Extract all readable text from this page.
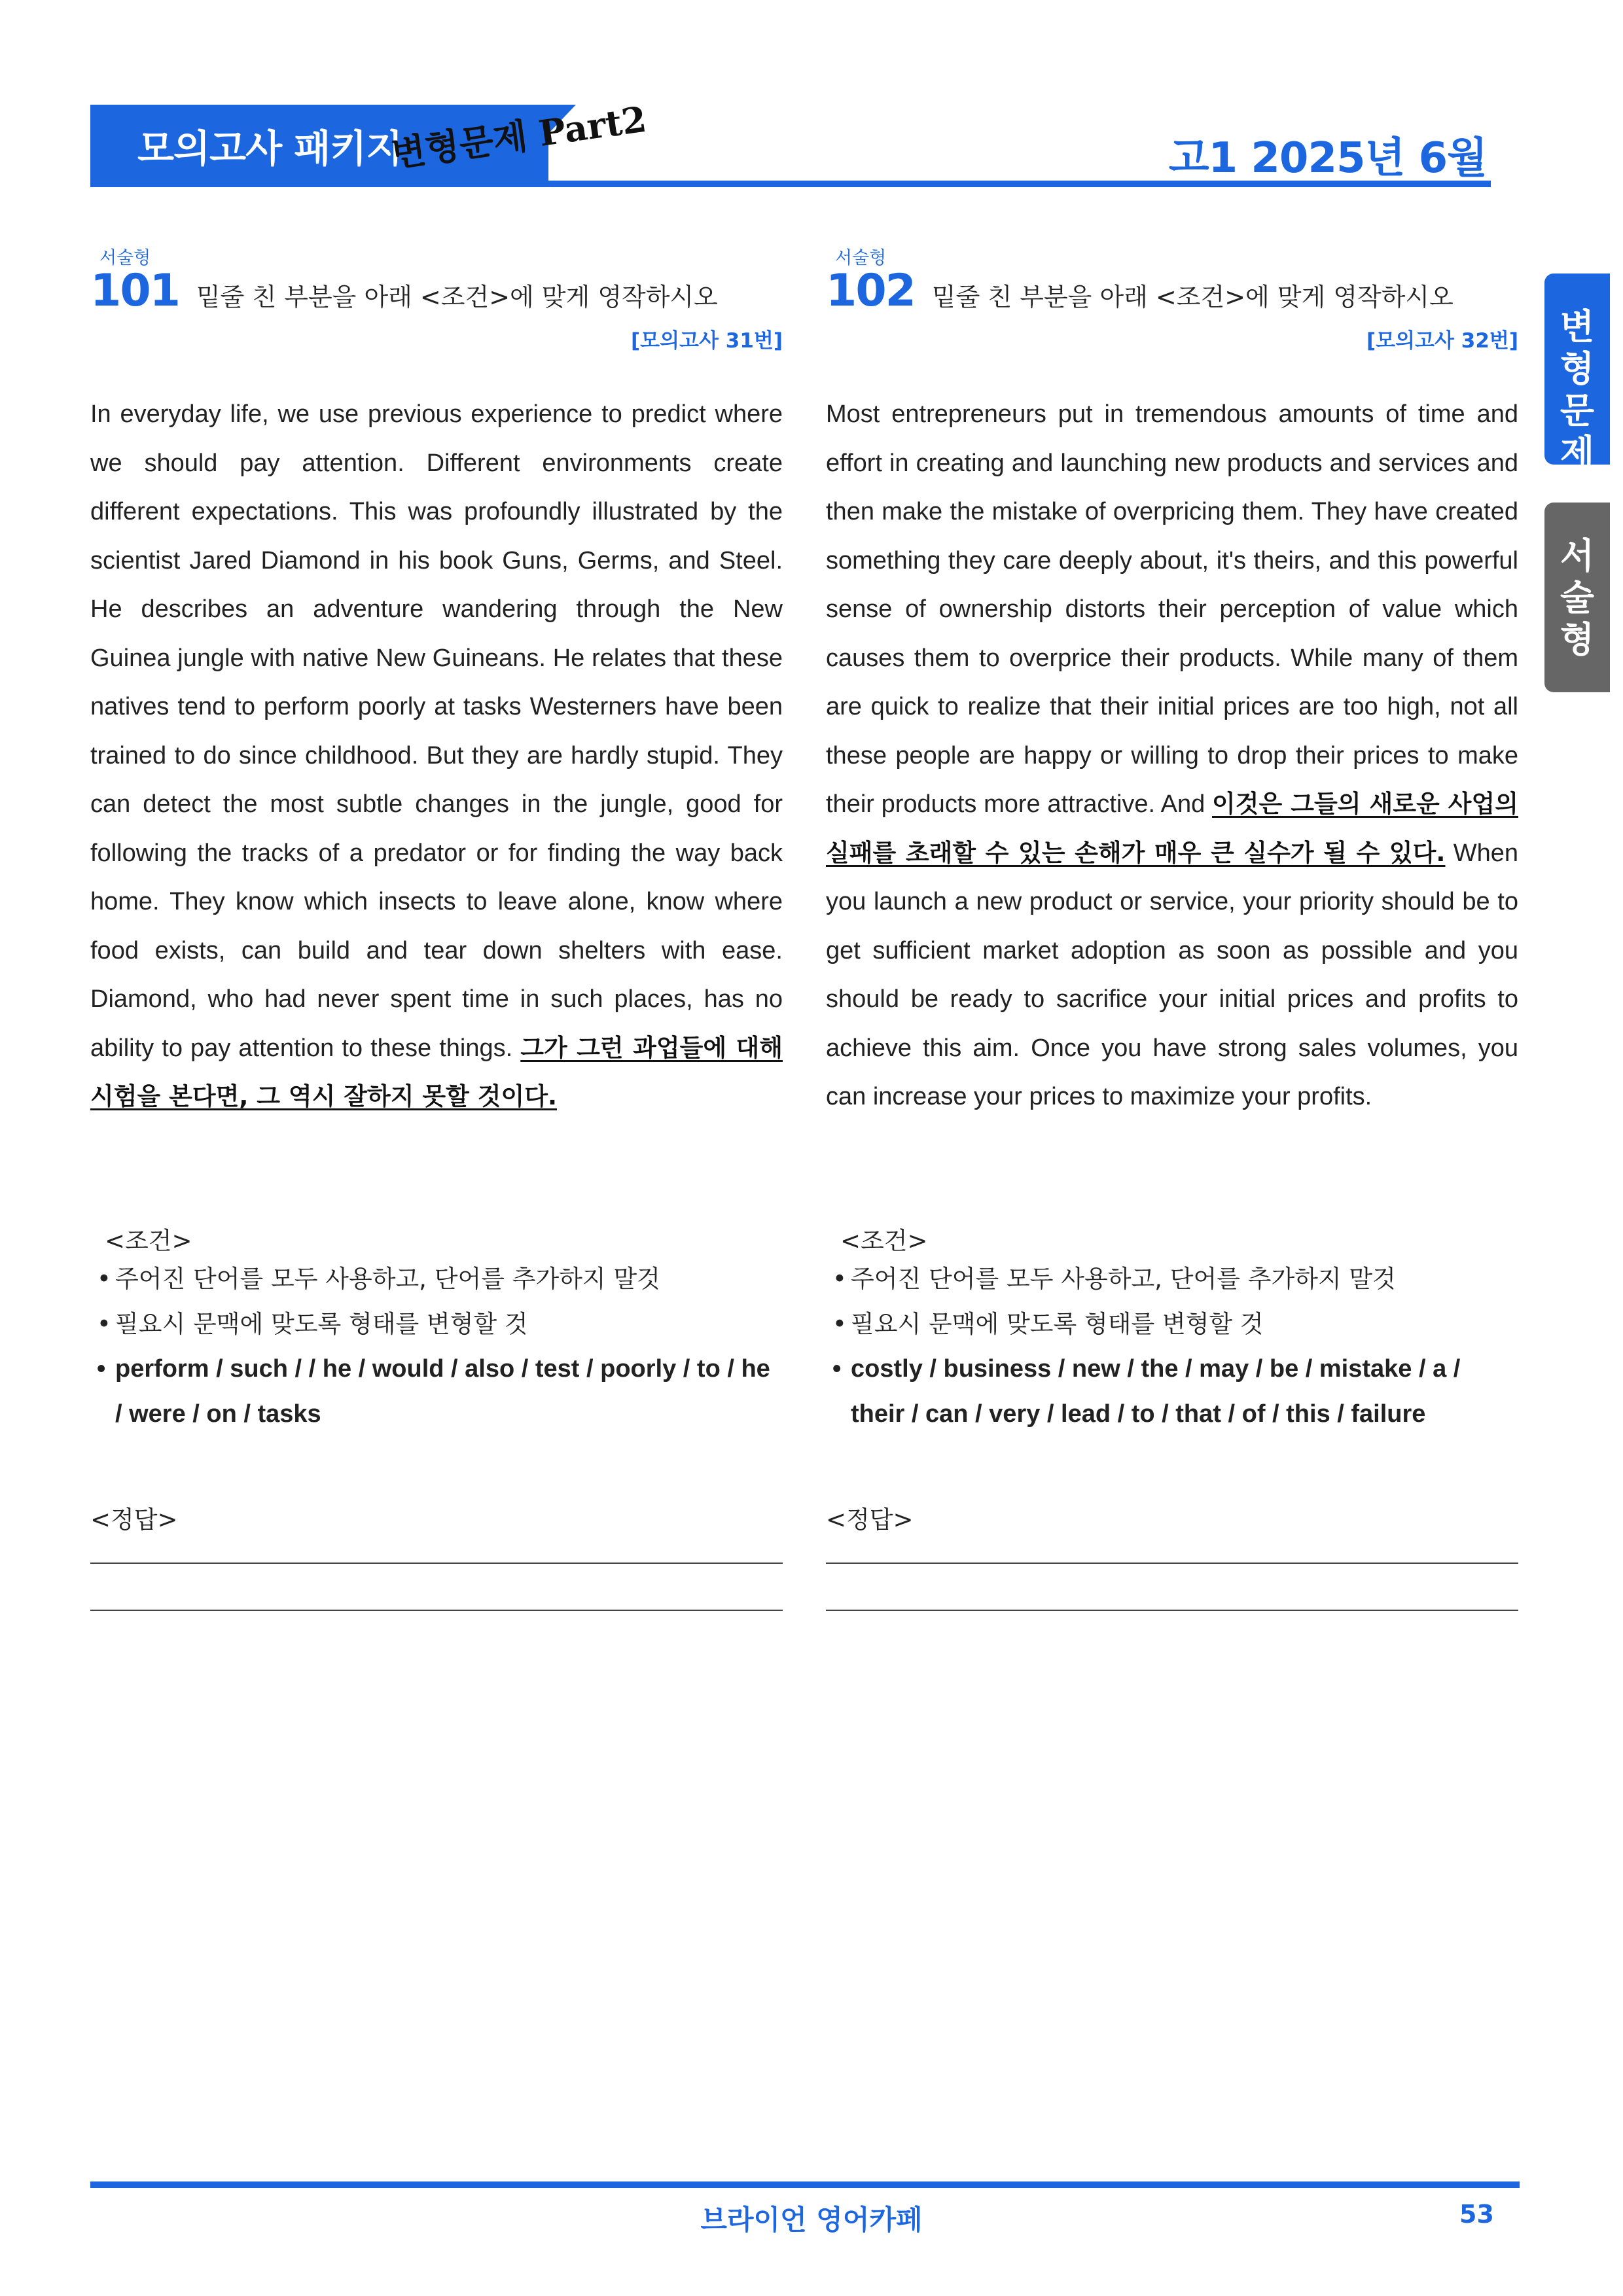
모의고사 패키지
변형문제 Part2	고1 2025년 6월
변
형
문
제
서
술
형
서술형
101 밑줄 친 부분을 아래 <조건>에 맞게 영작하시오
[모의고사 31번]
In everyday life, we use previous experience to predict where we should pay attention. Different environments create different expectations. This was profoundly illustrated by the scientist Jared Diamond in his book Guns, Germs, and Steel. He describes an adventure wandering through the New Guinea jungle with native New Guineans. He relates that these natives tend to perform poorly at tasks Westerners have been trained to do since childhood. But they are hardly stupid. They can detect the most subtle changes in the jungle, good for following the tracks of a predator or for finding the way back home. They know which insects to leave alone, know where food exists, can build and tear down shelters with ease. Diamond, who had never spent time in such places, has no ability to pay attention to these things. 그가 그런 과업들에 대해 시험을 본다면, 그 역시 잘하지 못할 것이다.
<조건>
• 주어진 단어를 모두 사용하고, 단어를 추가하지 말것
• 필요시 문맥에 맞도록 형태를 변형할 것
• perform / such / / he / would / also / test / poorly / to / he / were / on / tasks
<정답>
서술형
102 밑줄 친 부분을 아래 <조건>에 맞게 영작하시오
[모의고사 32번]
Most entrepreneurs put in tremendous amounts of time and effort in creating and launching new products and services and then make the mistake of overpricing them. They have created something they care deeply about, it's theirs, and this powerful sense of ownership distorts their perception of value which causes them to overprice their products. While many of them are quick to realize that their initial prices are too high, not all these people are happy or willing to drop their prices to make their products more attractive. And 이것은 그들의 새로운 사업의 실패를 초래할 수 있는 손해가 매우 큰 실수가 될 수 있다. When you launch a new product or service, your priority should be to get sufficient market adoption as soon as possible and you should be ready to sacrifice your initial prices and profits to achieve this aim. Once you have strong sales volumes, you can increase your prices to maximize your profits.
<조건>
• 주어진 단어를 모두 사용하고, 단어를 추가하지 말것
• 필요시 문맥에 맞도록 형태를 변형할 것
• costly / business / new / the / may / be / mistake / a / their / can / very / lead / to / that / of / this / failure
<정답>
브라이언 영어카페	53
